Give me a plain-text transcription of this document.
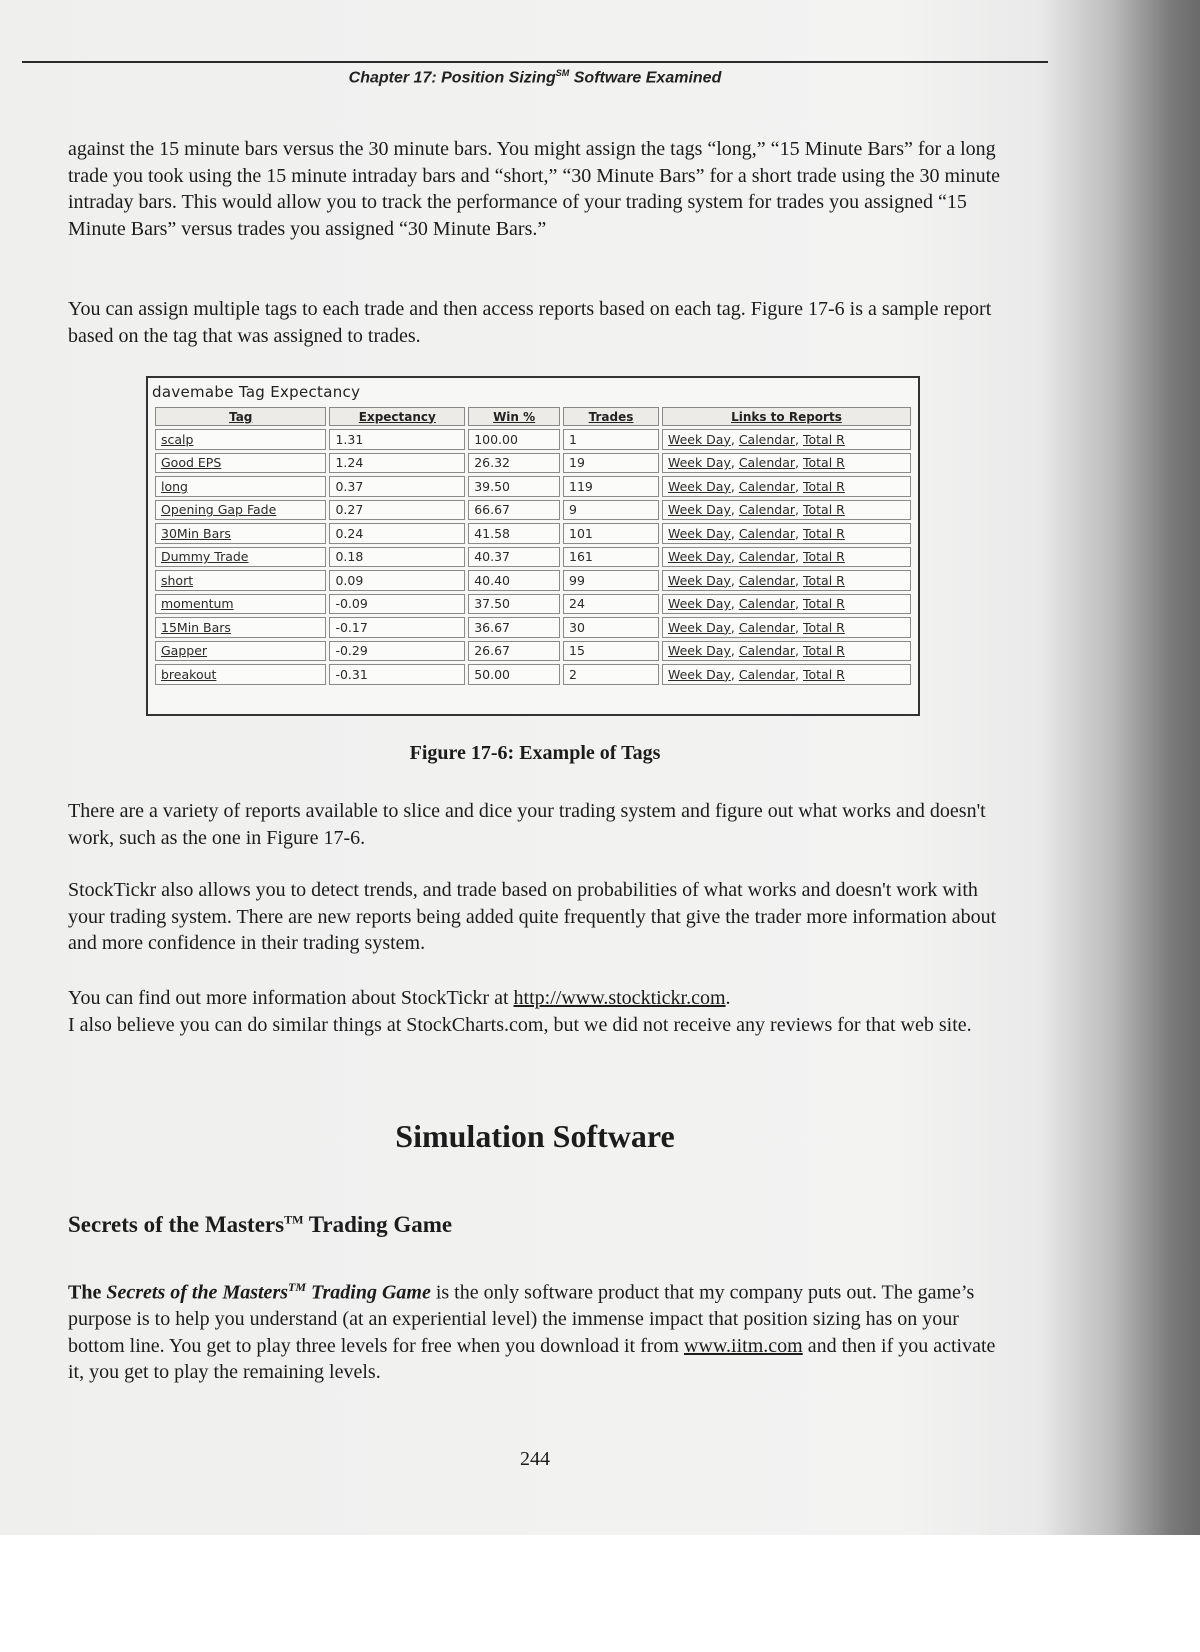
Chapter 17: Position Sizing℠ Software Examined

against the 15 minute bars versus the 30 minute bars. You might assign the tags “long,” “15 Minute Bars” for a long trade you took using the 15 minute intraday bars and “short,” “30 Minute Bars” for a short trade using the 30 minute intraday bars. This would allow you to track the performance of your trading system for trades you assigned “15 Minute Bars” versus trades you assigned “30 Minute Bars.”

You can assign multiple tags to each trade and then access reports based on each tag. Figure 17-6 is a sample report based on the tag that was assigned to trades.

davemabe Tag Expectancy
Tag	Expectancy	Win %	Trades	Links to Reports
scalp	1.31	100.00	1	Week Day, Calendar, Total R
Good EPS	1.24	26.32	19	Week Day, Calendar, Total R
long	0.37	39.50	119	Week Day, Calendar, Total R
Opening Gap Fade	0.27	66.67	9	Week Day, Calendar, Total R
30Min Bars	0.24	41.58	101	Week Day, Calendar, Total R
Dummy Trade	0.18	40.37	161	Week Day, Calendar, Total R
short	0.09	40.40	99	Week Day, Calendar, Total R
momentum	-0.09	37.50	24	Week Day, Calendar, Total R
15Min Bars	-0.17	36.67	30	Week Day, Calendar, Total R
Gapper	-0.29	26.67	15	Week Day, Calendar, Total R
breakout	-0.31	50.00	2	Week Day, Calendar, Total R
Figure 17-6: Example of Tags

There are a variety of reports available to slice and dice your trading system and figure out what works and doesn't work, such as the one in Figure 17-6.

StockTickr also allows you to detect trends, and trade based on probabilities of what works and doesn't work with your trading system. There are new reports being added quite frequently that give the trader more information about and more confidence in their trading system.

You can find out more information about StockTickr at http://www.stocktickr.com.
I also believe you can do similar things at StockCharts.com, but we did not receive any reviews for that web site.

Simulation Software
Secrets of the Masters™ Trading Game

The Secrets of the Masters™ Trading Game is the only software product that my company puts out. The game’s purpose is to help you understand (at an experiential level) the immense impact that position sizing has on your bottom line. You get to play three levels for free when you download it from www.iitm.com and then if you activate it, you get to play the remaining levels.

244
